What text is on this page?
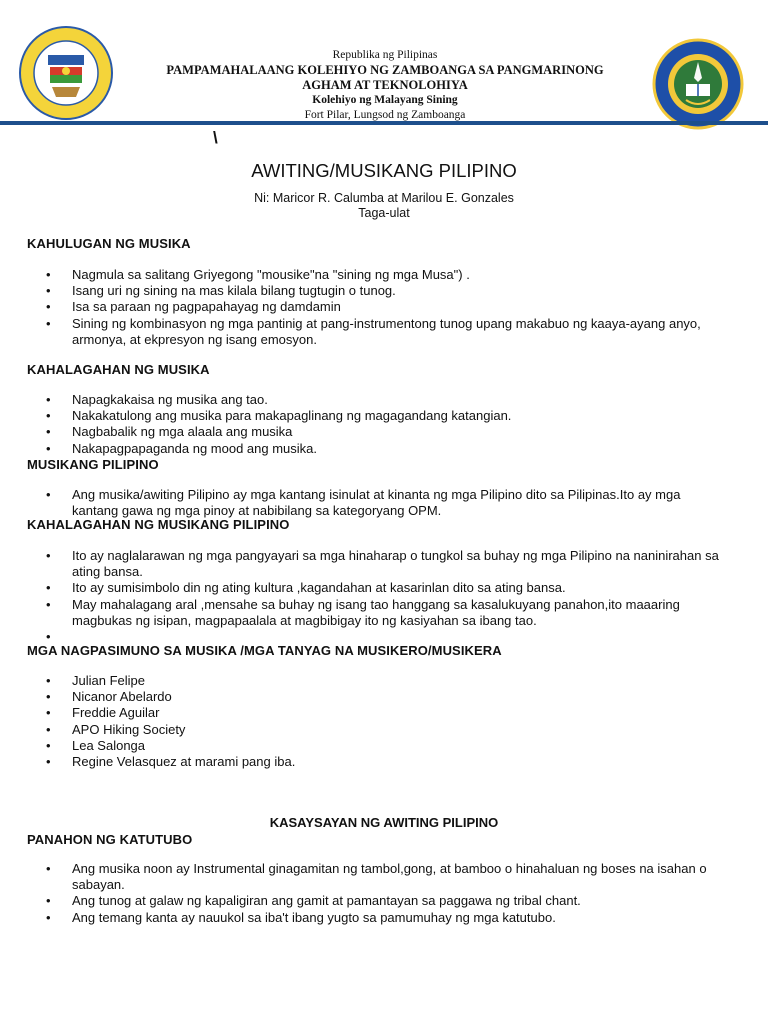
Republika ng Pilipinas
PAMPAMAHALAANG KOLEHIYO NG ZAMBOANGA SA PANGMARINONG
AGHAM AT TEKNOLOHIYA
Kolehiyo ng Malayang Sining
Fort Pilar, Lungsod ng Zamboanga
\
AWITING/MUSIKANG PILIPINO
Ni: Maricor R. Calumba at Marilou E. Gonzales
Taga-ulat
KAHULUGAN NG MUSIKA
• Nagmula sa salitang Griyegong "mousike"na "sining ng mga Musa") .
• Isang uri ng sining na mas kilala bilang tugtugin o tunog.
• Isa sa paraan ng pagpapahayag ng damdamin
• Sining ng kombinasyon ng mga pantinig at pang-instrumentong tunog upang makabuo ng kaaya-ayang anyo, armonya, at ekpresyon ng isang emosyon.
KAHALAGAHAN NG MUSIKA
• Napagkakaisa ng musika ang tao.
• Nakakatulong ang musika para makapaglinang ng magagandang katangian.
• Nagbabalik ng mga alaala ang musika
• Nakapagpapaganda ng mood ang musika.
MUSIKANG PILIPINO
• Ang musika/awiting Pilipino ay mga kantang isinulat at kinanta ng mga Pilipino dito sa Pilipinas.Ito ay mga kantang gawa ng mga pinoy at nabibilang sa kategoryang OPM.
KAHALAGAHAN NG MUSIKANG PILIPINO
• Ito ay naglalarawan ng mga pangyayari sa mga hinaharap o tungkol sa buhay ng mga Pilipino na naninirahan sa ating bansa.
• Ito ay sumisimbolo din ng ating kultura ,kagandahan at kasarinlan dito sa ating bansa.
• May mahalagang aral ,mensahe sa buhay ng isang tao hanggang sa kasalukuyang panahon,ito maaaring magbukas ng isipan, magpapaalala at magbibigay ito ng kasiyahan sa ibang tao.
•
MGA NAGPASIMUNO SA MUSIKA /MGA TANYAG NA MUSIKERO/MUSIKERA
• Julian Felipe
• Nicanor Abelardo
• Freddie Aguilar
• APO Hiking Society
• Lea Salonga
• Regine Velasquez at marami pang iba.
KASAYSAYAN NG AWITING PILIPINO
PANAHON NG KATUTUBO
• Ang musika noon ay Instrumental ginagamitan ng tambol,gong, at bamboo o hinahaluan ng boses na isahan o sabayan.
• Ang tunog at galaw ng kapaligiran ang gamit at pamantayan sa paggawa ng tribal chant.
• Ang temang kanta ay nauukol sa iba't ibang yugto sa pamumuhay ng mga katutubo.
